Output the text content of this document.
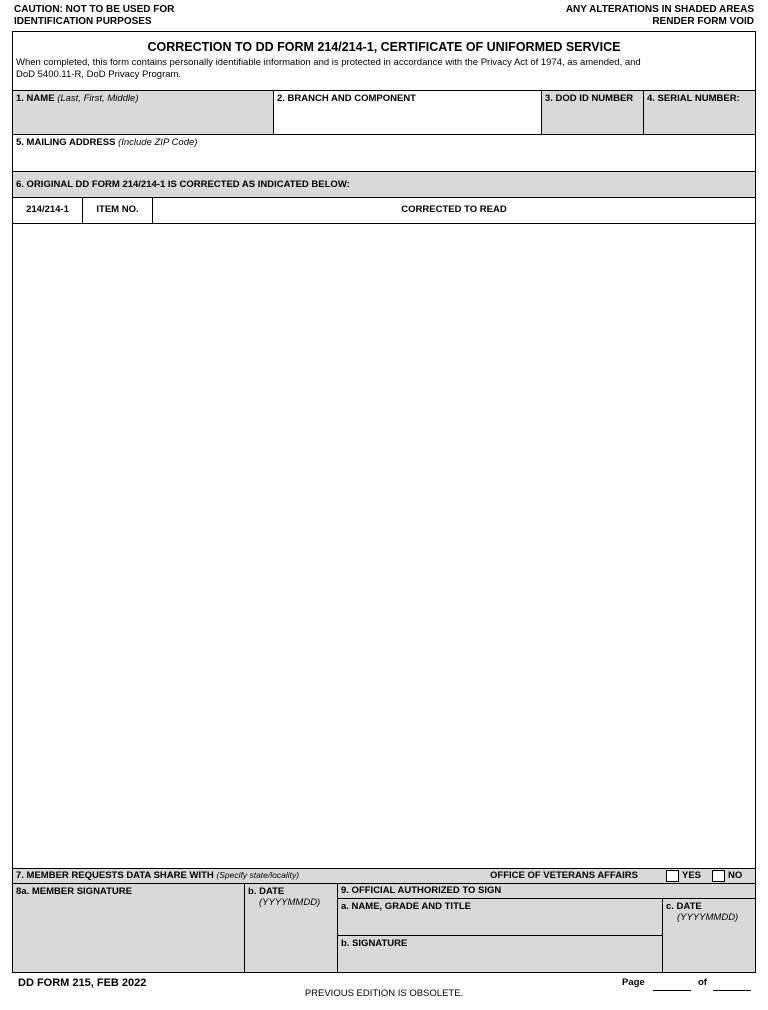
CAUTION: NOT TO BE USED FOR
IDENTIFICATION PURPOSES
ANY ALTERATIONS IN SHADED AREAS
RENDER FORM VOID
CORRECTION TO DD FORM 214/214-1, CERTIFICATE OF UNIFORMED SERVICE
When completed, this form contains personally identifiable information and is protected in accordance with the Privacy Act of 1974, as amended, and
DoD 5400.11-R, DoD Privacy Program.
1. NAME (Last, First, Middle)	2. BRANCH AND COMPONENT	3. DOD ID NUMBER	4. SERIAL NUMBER:
5. MAILING ADDRESS (Include ZIP Code)
6. ORIGINAL DD FORM 214/214-1 IS CORRECTED AS INDICATED BELOW:
214/214-1	ITEM NO.	CORRECTED TO READ
7. MEMBER REQUESTS DATA SHARE WITH (Specify state/locality)	OFFICE OF VETERANS AFFAIRS	YES	NO
8a. MEMBER SIGNATURE	b. DATE
(YYYYMMDD)
9. OFFICIAL AUTHORIZED TO SIGN
a. NAME, GRADE AND TITLE	c. DATE
(YYYYMMDD)
b. SIGNATURE
DD FORM 215, FEB 2022
PREVIOUS EDITION IS OBSOLETE.
Page	of
